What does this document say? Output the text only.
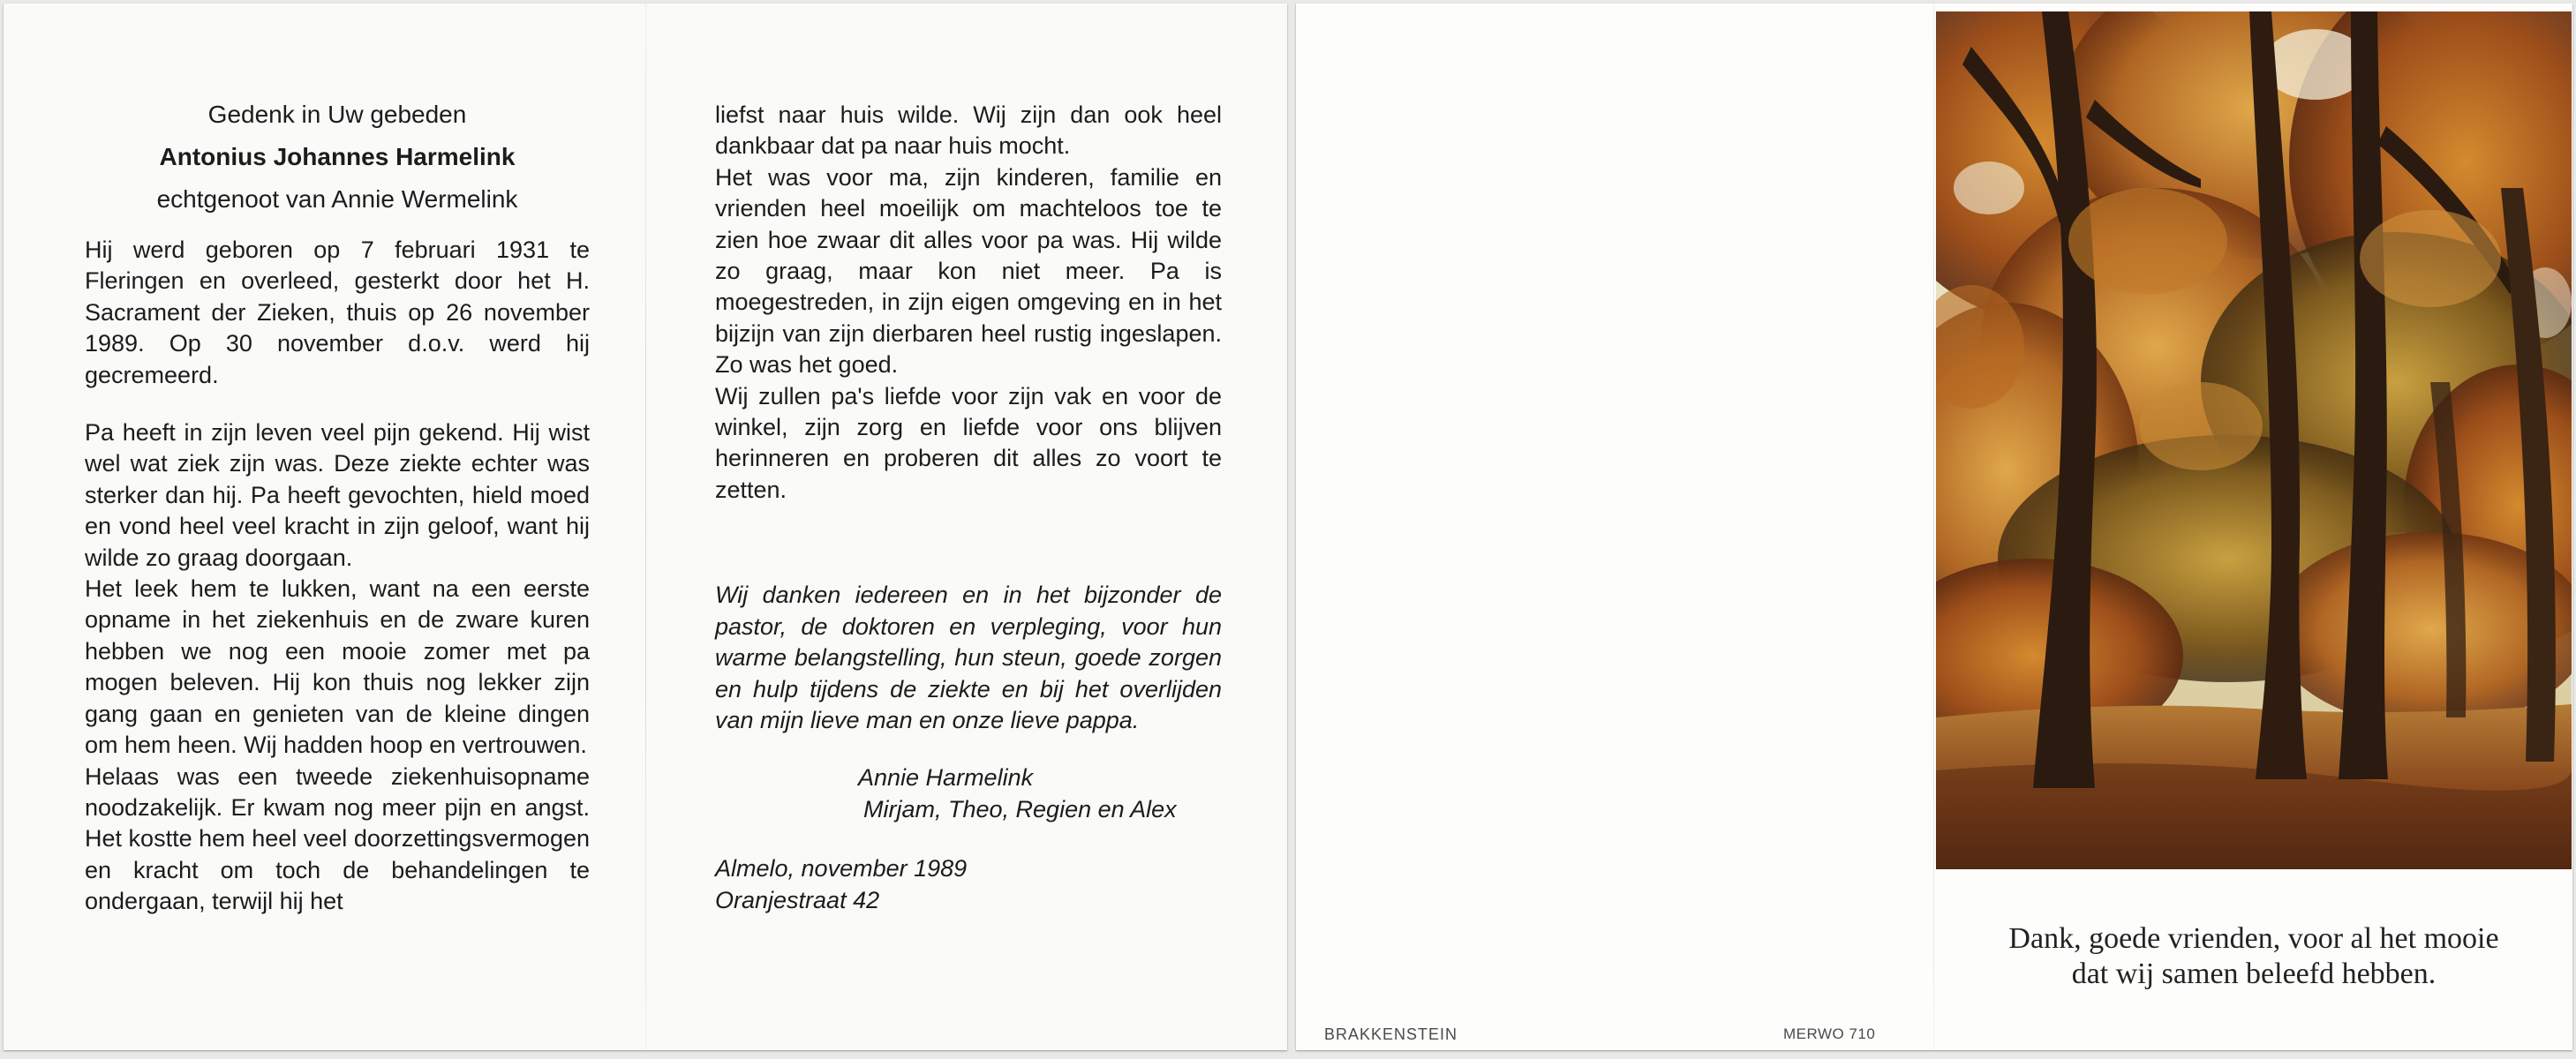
Gedenk in Uw gebeden

Antonius Johannes Harmelink

echtgenoot van Annie Wermelink

Hij werd geboren op 7 februari 1931 te Fleringen en overleed, gesterkt door het H. Sacrament der Zieken, thuis op 26 november 1989. Op 30 november d.o.v. werd hij gecremeerd.

Pa heeft in zijn leven veel pijn gekend. Hij wist wel wat ziek zijn was. Deze ziekte echter was sterker dan hij. Pa heeft gevochten, hield moed en vond heel veel kracht in zijn geloof, want hij wilde zo graag doorgaan.

Het leek hem te lukken, want na een eerste opname in het ziekenhuis en de zware kuren hebben we nog een mooie zomer met pa mogen beleven. Hij kon thuis nog lekker zijn gang gaan en genieten van de kleine dingen om hem heen. Wij hadden hoop en vertrouwen.

Helaas was een tweede ziekenhuisopname noodzakelijk. Er kwam nog meer pijn en angst. Het kostte hem heel veel doorzettingsvermogen en kracht om toch de behandelingen te ondergaan, terwijl hij het

liefst naar huis wilde. Wij zijn dan ook heel dankbaar dat pa naar huis mocht.

Het was voor ma, zijn kinderen, familie en vrienden heel moeilijk om machteloos toe te zien hoe zwaar dit alles voor pa was. Hij wilde zo graag, maar kon niet meer. Pa is moegestreden, in zijn eigen omgeving en in het bijzijn van zijn dierbaren heel rustig ingeslapen. Zo was het goed.

Wij zullen pa's liefde voor zijn vak en voor de winkel, zijn zorg en liefde voor ons blijven herinneren en proberen dit alles zo voort te zetten.

Wij danken iedereen en in het bijzonder de pastor, de doktoren en verpleging, voor hun warme belangstelling, hun steun, goede zorgen en hulp tijdens de ziekte en bij het overlijden van mijn lieve man en onze lieve pappa.

Annie Harmelink

Mirjam, Theo, Regien en Alex

Almelo, november 1989

Oranjestraat 42

Dank, goede vrienden, voor al het mooie
dat wij samen beleefd hebben.
BRAKKENSTEIN	MERWO 710
